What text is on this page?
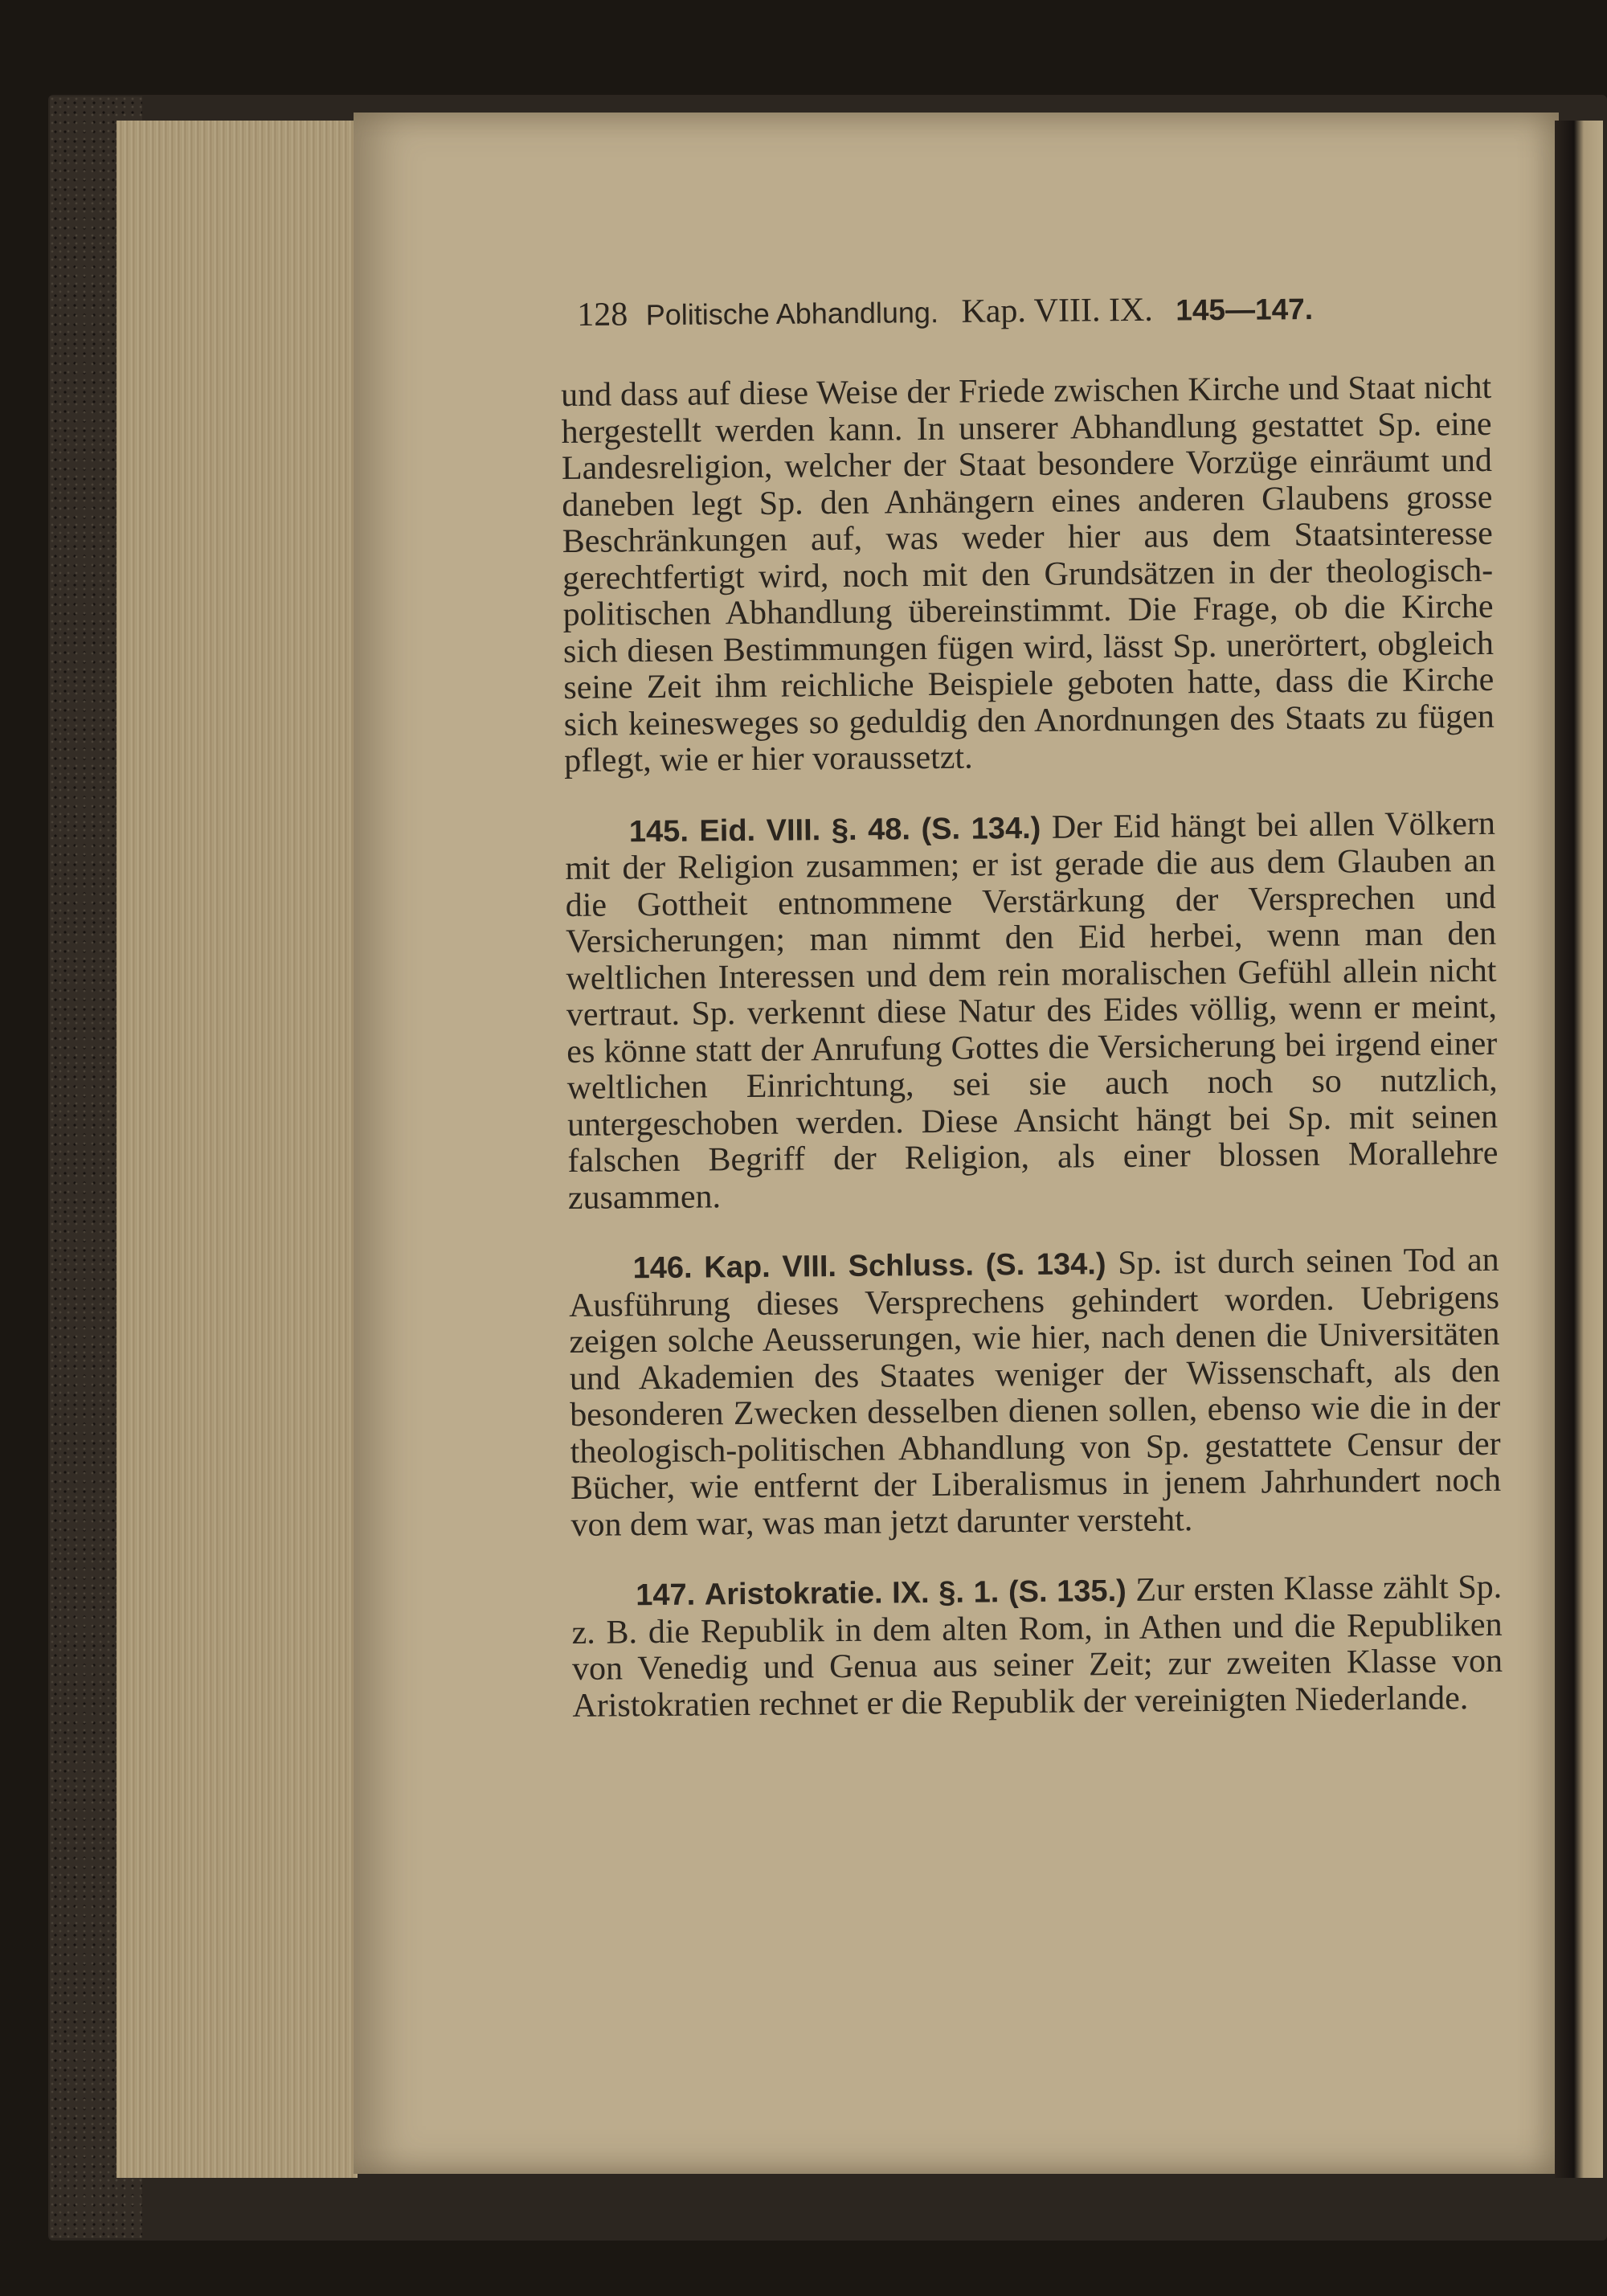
128 Politische Abhandlung. Kap. VIII. IX. 145—147.

und dass auf diese Weise der Friede zwischen Kirche und Staat nicht hergestellt werden kann. In unserer Abhandlung gestattet Sp. eine Landesreligion, welcher der Staat besondere Vorzüge einräumt und daneben legt Sp. den Anhängern eines anderen Glaubens grosse Beschränkungen auf, was weder hier aus dem Staatsinteresse gerechtfertigt wird, noch mit den Grundsätzen in der theologisch-politischen Abhandlung übereinstimmt. Die Frage, ob die Kirche sich diesen Bestimmungen fügen wird, lässt Sp. unerörtert, obgleich seine Zeit ihm reichliche Beispiele geboten hatte, dass die Kirche sich keinesweges so geduldig den Anordnungen des Staats zu fügen pflegt, wie er hier voraussetzt.

145. Eid. VIII. §. 48. (S. 134.) Der Eid hängt bei allen Völkern mit der Religion zusammen; er ist gerade die aus dem Glauben an die Gottheit entnommene Verstärkung der Versprechen und Versicherungen; man nimmt den Eid herbei, wenn man den weltlichen Interessen und dem rein moralischen Gefühl allein nicht vertraut. Sp. verkennt diese Natur des Eides völlig, wenn er meint, es könne statt der Anrufung Gottes die Versicherung bei irgend einer weltlichen Einrichtung, sei sie auch noch so nutzlich, untergeschoben werden. Diese Ansicht hängt bei Sp. mit seinen falschen Begriff der Religion, als einer blossen Morallehre zusammen.

146. Kap. VIII. Schluss. (S. 134.) Sp. ist durch seinen Tod an Ausführung dieses Versprechens gehindert worden. Uebrigens zeigen solche Aeusserungen, wie hier, nach denen die Universitäten und Akademien des Staates weniger der Wissenschaft, als den besonderen Zwecken desselben dienen sollen, ebenso wie die in der theologisch-politischen Abhandlung von Sp. gestattete Censur der Bücher, wie entfernt der Liberalismus in jenem Jahrhundert noch von dem war, was man jetzt darunter versteht.

147. Aristokratie. IX. §. 1. (S. 135.) Zur ersten Klasse zählt Sp. z. B. die Republik in dem alten Rom, in Athen und die Republiken von Venedig und Genua aus seiner Zeit; zur zweiten Klasse von Aristokratien rechnet er die Republik der vereinigten Niederlande.
